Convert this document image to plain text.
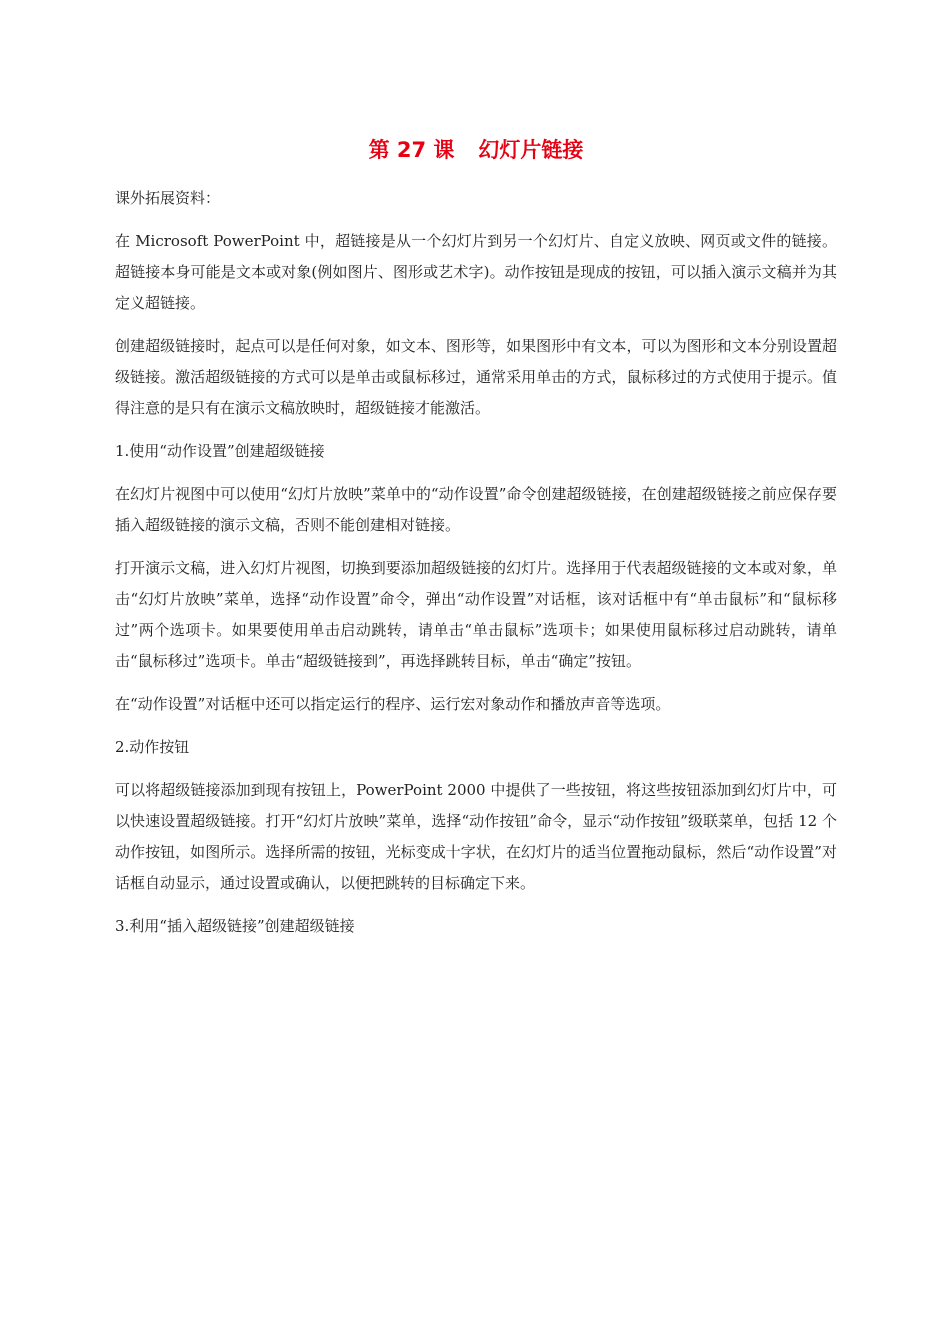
第 27 课 幻灯片链接

课外拓展资料：

在 Microsoft PowerPoint 中，超链接是从一个幻灯片到另一个幻灯片、自定义放映、网页或文件的链接。超链接本身可能是文本或对象(例如图片、图形或艺术字)。动作按钮是现成的按钮，可以插入演示文稿并为其定义超链接。

创建超级链接时，起点可以是任何对象，如文本、图形等，如果图形中有文本，可以为图形和文本分别设置超级链接。激活超级链接的方式可以是单击或鼠标移过，通常采用单击的方式，鼠标移过的方式使用于提示。值得注意的是只有在演示文稿放映时，超级链接才能激活。

1.使用“动作设置”创建超级链接

在幻灯片视图中可以使用“幻灯片放映”菜单中的“动作设置”命令创建超级链接，在创建超级链接之前应保存要插入超级链接的演示文稿，否则不能创建相对链接。

打开演示文稿，进入幻灯片视图，切换到要添加超级链接的幻灯片。选择用于代表超级链接的文本或对象，单击“幻灯片放映”菜单，选择“动作设置”命令，弹出“动作设置”对话框，该对话框中有“单击鼠标”和“鼠标移过”两个选项卡。如果要使用单击启动跳转，请单击“单击鼠标”选项卡；如果使用鼠标移过启动跳转，请单击“鼠标移过”选项卡。单击“超级链接到”，再选择跳转目标，单击“确定”按钮。

在“动作设置”对话框中还可以指定运行的程序、运行宏对象动作和播放声音等选项。

2.动作按钮

可以将超级链接添加到现有按钮上，PowerPoint 2000 中提供了一些按钮，将这些按钮添加到幻灯片中，可以快速设置超级链接。打开“幻灯片放映”菜单，选择“动作按钮”命令，显示“动作按钮”级联菜单，包括 12 个动作按钮，如图所示。选择所需的按钮，光标变成十字状，在幻灯片的适当位置拖动鼠标，然后“动作设置”对话框自动显示，通过设置或确认，以便把跳转的目标确定下来。

3.利用“插入超级链接”创建超级链接
